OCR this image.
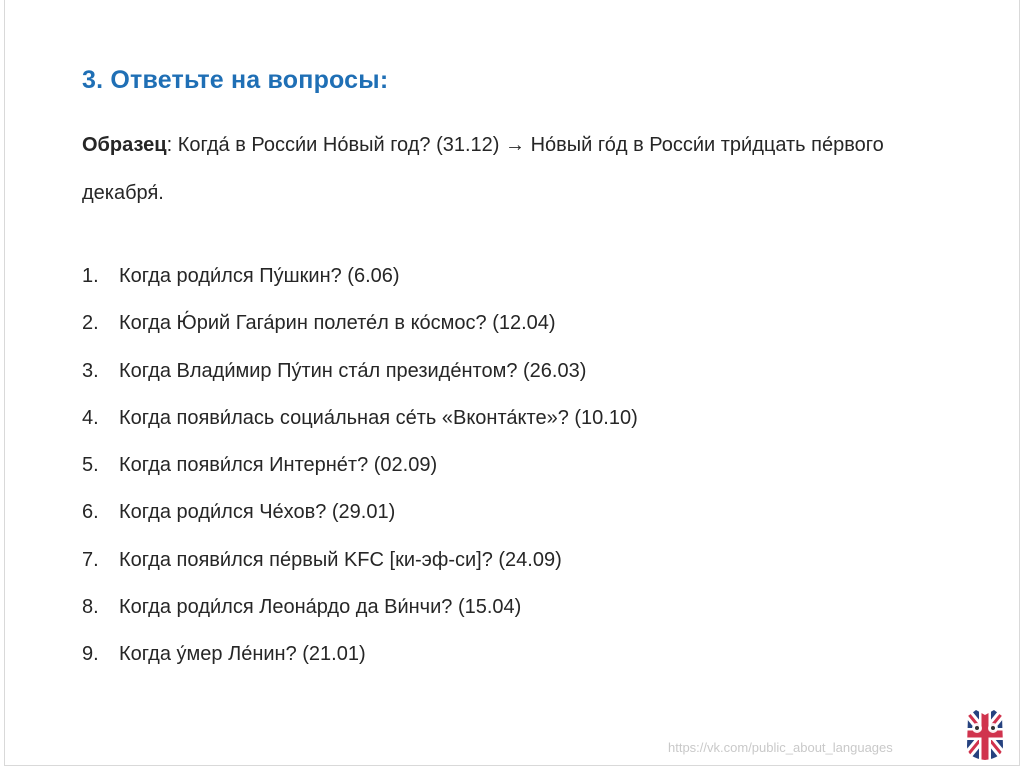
3. Ответьте на вопросы:
Образец: Когда́ в Росси́и Но́вый год? (31.12) → Но́вый го́д в Росси́и три́дцать пе́рвого декабря́.
1. Когда роди́лся Пу́шкин? (6.06)
2. Когда Ю́рий Гага́рин полете́л в ко́смос? (12.04)
3. Когда Влади́мир Пу́тин ста́л президе́нтом? (26.03)
4. Когда появи́лась социа́льная се́ть «Вконта́кте»? (10.10)
5. Когда появи́лся Интерне́т? (02.09)
6. Когда роди́лся Че́хов? (29.01)
7. Когда появи́лся пе́рвый KFC [ки-эф-си]? (24.09)
8. Когда роди́лся Леона́рдо да Ви́нчи? (15.04)
9. Когда у́мер Ле́нин? (21.01)
https://vk.com/public_about_languages
